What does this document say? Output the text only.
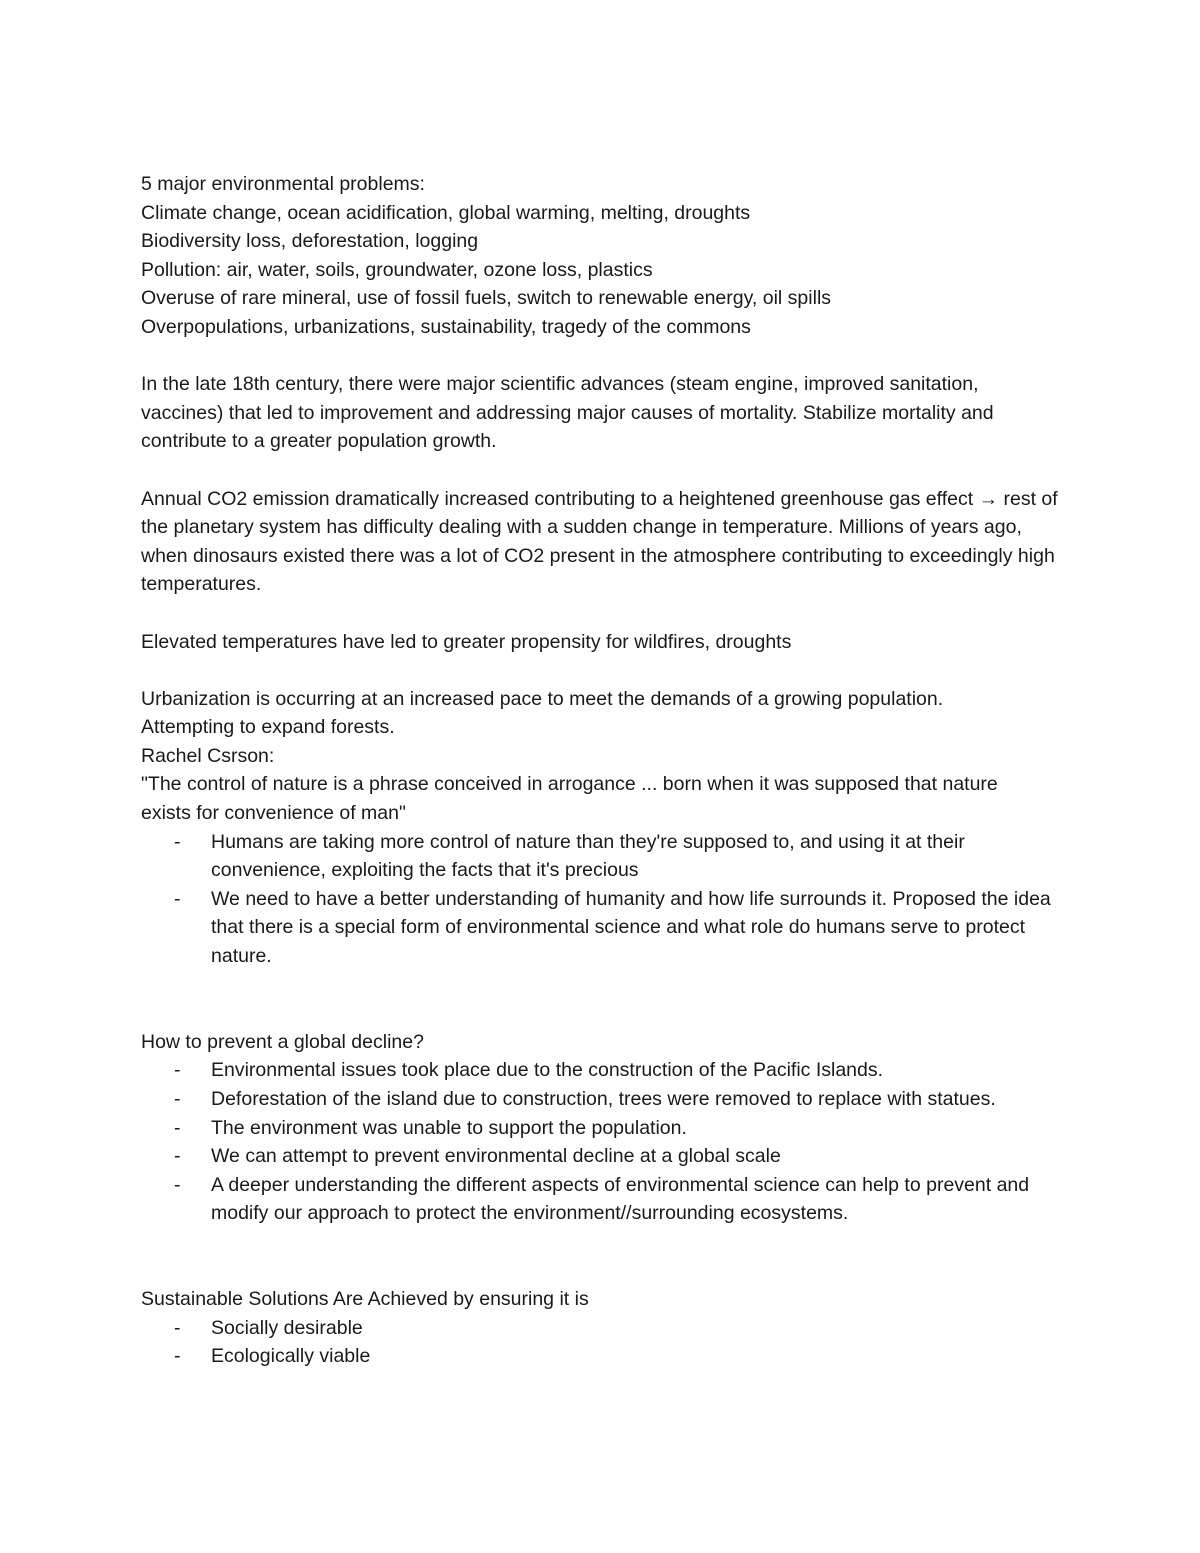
5 major environmental problems:
Climate change, ocean acidification, global warming, melting, droughts
Biodiversity loss, deforestation, logging
Pollution: air, water, soils, groundwater, ozone loss, plastics
Overuse of rare mineral, use of fossil fuels, switch to renewable energy, oil spills
Overpopulations, urbanizations, sustainability, tragedy of the commons

In the late 18th century, there were major scientific advances (steam engine, improved sanitation, vaccines) that led to improvement and addressing major causes of mortality. Stabilize mortality and contribute to a greater population growth.

Annual CO2 emission dramatically increased contributing to a heightened greenhouse gas effect → rest of the planetary system has difficulty dealing with a sudden change in temperature. Millions of years ago, when dinosaurs existed there was a lot of CO2 present in the atmosphere contributing to exceedingly high temperatures.

Elevated temperatures have led to greater propensity for wildfires, droughts

Urbanization is occurring at an increased pace to meet the demands of a growing population.
Attempting to expand forests.
Rachel Csrson:
"The control of nature is a phrase conceived in arrogance ... born when it was supposed that nature exists for convenience of man"
- Humans are taking more control of nature than they're supposed to, and using it at their convenience, exploiting the facts that it's precious
- We need to have a better understanding of humanity and how life surrounds it. Proposed the idea that there is a special form of environmental science and what role do humans serve to protect nature.
How to prevent a global decline?
- Environmental issues took place due to the construction of the Pacific Islands.
- Deforestation of the island due to construction, trees were removed to replace with statues.
- The environment was unable to support the population.
- We can attempt to prevent environmental decline at a global scale
- A deeper understanding the different aspects of environmental science can help to prevent and modify our approach to protect the environment//surrounding ecosystems.
Sustainable Solutions Are Achieved by ensuring it is
- Socially desirable
- Ecologically viable
